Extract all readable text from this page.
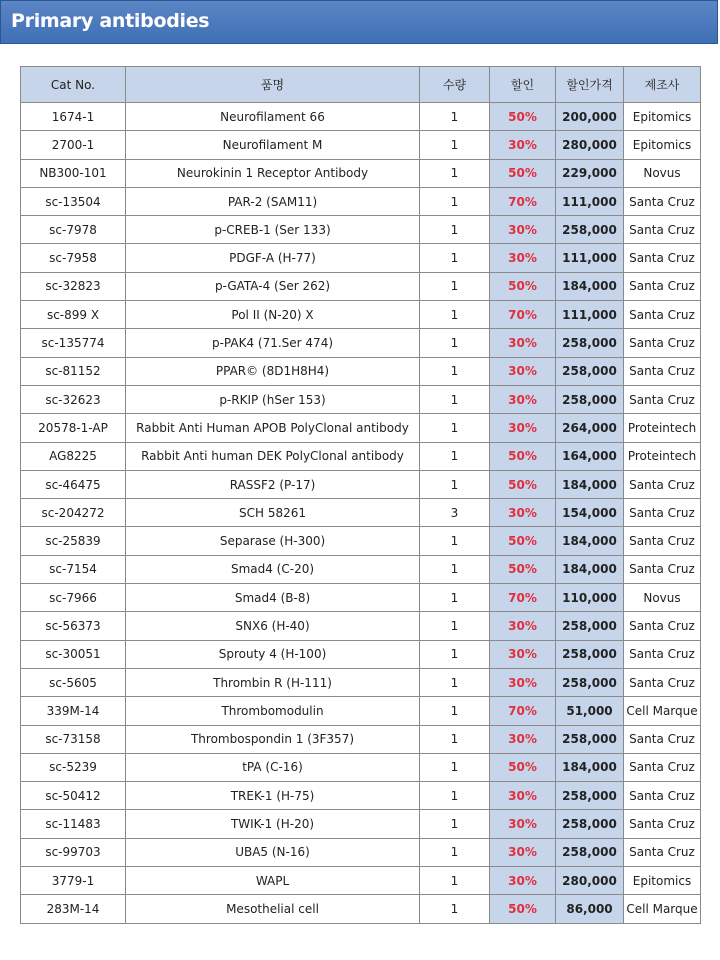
Primary antibodies
Cat No.	품명	수량	할인	할인가격	제조사
1674-1	Neurofilament 66	1	50%	200,000	Epitomics
2700-1	Neurofilament M	1	30%	280,000	Epitomics
NB300-101	Neurokinin 1 Receptor Antibody	1	50%	229,000	Novus
sc-13504	PAR-2 (SAM11)	1	70%	111,000	Santa Cruz
sc-7978	p-CREB-1 (Ser 133)	1	30%	258,000	Santa Cruz
sc-7958	PDGF-A (H-77)	1	30%	111,000	Santa Cruz
sc-32823	p-GATA-4 (Ser 262)	1	50%	184,000	Santa Cruz
sc-899 X	Pol II (N-20) X	1	70%	111,000	Santa Cruz
sc-135774	p-PAK4 (71.Ser 474)	1	30%	258,000	Santa Cruz
sc-81152	PPAR© (8D1H8H4)	1	30%	258,000	Santa Cruz
sc-32623	p-RKIP (hSer 153)	1	30%	258,000	Santa Cruz
20578-1-AP	Rabbit Anti Human APOB PolyClonal antibody	1	30%	264,000	Proteintech
AG8225	Rabbit Anti human DEK PolyClonal antibody	1	50%	164,000	Proteintech
sc-46475	RASSF2 (P-17)	1	50%	184,000	Santa Cruz
sc-204272	SCH 58261	3	30%	154,000	Santa Cruz
sc-25839	Separase (H-300)	1	50%	184,000	Santa Cruz
sc-7154	Smad4 (C-20)	1	50%	184,000	Santa Cruz
sc-7966	Smad4 (B-8)	1	70%	110,000	Novus
sc-56373	SNX6 (H-40)	1	30%	258,000	Santa Cruz
sc-30051	Sprouty 4 (H-100)	1	30%	258,000	Santa Cruz
sc-5605	Thrombin R (H-111)	1	30%	258,000	Santa Cruz
339M-14	Thrombomodulin	1	70%	51,000	Cell Marque
sc-73158	Thrombospondin 1 (3F357)	1	30%	258,000	Santa Cruz
sc-5239	tPA (C-16)	1	50%	184,000	Santa Cruz
sc-50412	TREK-1 (H-75)	1	30%	258,000	Santa Cruz
sc-11483	TWIK-1 (H-20)	1	30%	258,000	Santa Cruz
sc-99703	UBA5 (N-16)	1	30%	258,000	Santa Cruz
3779-1	WAPL	1	30%	280,000	Epitomics
283M-14	Mesothelial cell	1	50%	86,000	Cell Marque
